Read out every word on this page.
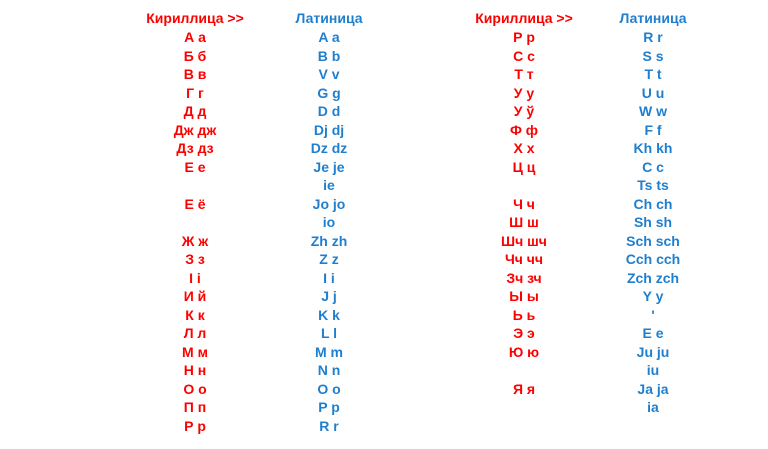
Кириллица >>
А а
Б б
В в
Г г
Д д
Дж дж
Дз дз
Е е
Е ё
Ж ж
З з
І і
И й
К к
Л л
М м
Н н
О о
П п
Р р
Латиница
A a
B b
V v
G g
D d
Dj dj
Dz dz
Je je
ie
Jo jo
io
Zh zh
Z z
I i
J j
K k
L l
M m
N n
O o
P p
R r
Кириллица >>
Р р
С с
Т т
У у
У ў
Ф ф
Х х
Ц ц
Ч ч
Ш ш
Шч шч
Чч чч
Зч зч
Ы ы
Ь ь
Э э
Ю ю
Я я
Латиница
R r
S s
T t
U u
W w
F f
Kh kh
C c
Ts ts
Ch ch
Sh sh
Sch sch
Cch cch
Zch zch
Y y
'
E e
Ju ju
iu
Ja ja
ia
